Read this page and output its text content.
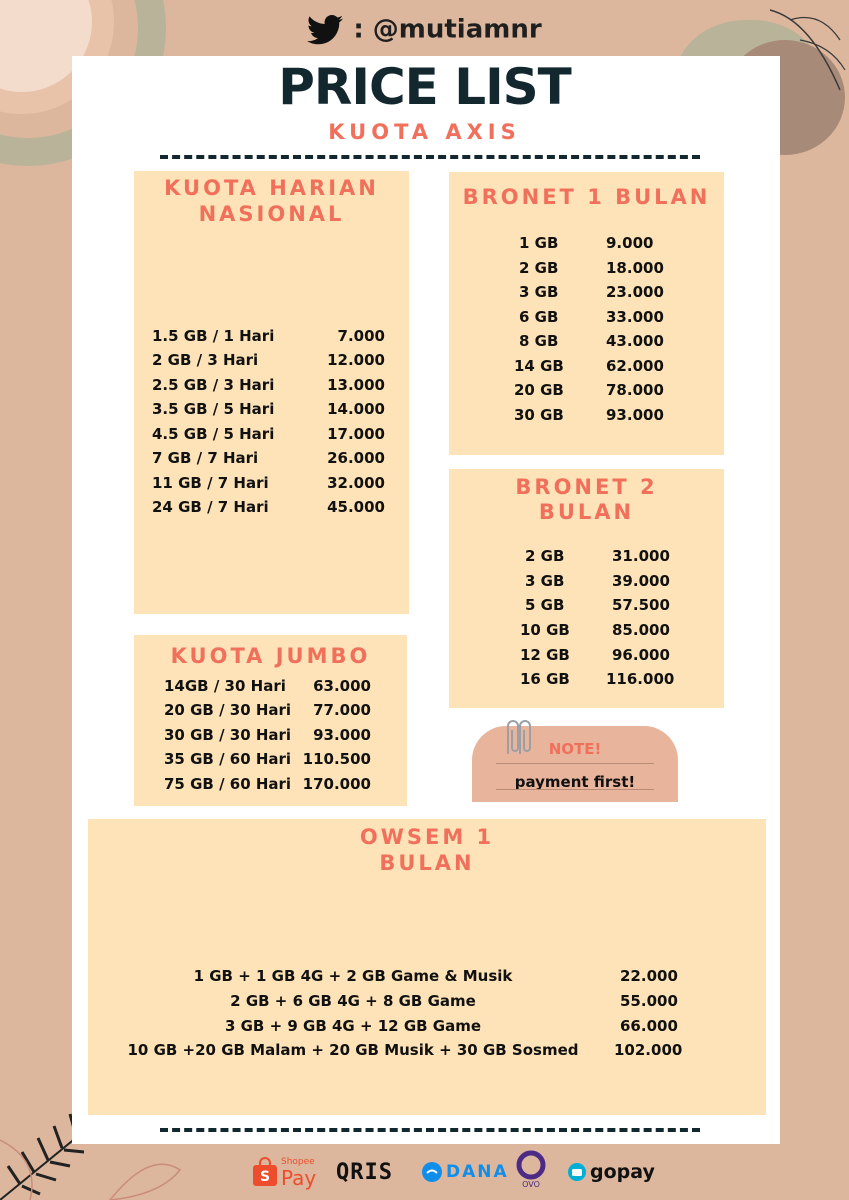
: @mutiamnr
PRICE LIST
KUOTA AXIS
KUOTA HARIAN
NASIONAL
1.5 GB / 1 Hari	7.000
2 GB / 3 Hari	12.000
2.5 GB / 3 Hari	13.000
3.5 GB / 5 Hari	14.000
4.5 GB / 5 Hari	17.000
7 GB / 7 Hari	26.000
11 GB / 7 Hari	32.000
24 GB / 7 Hari	45.000
BRONET 1 BULAN
1 GB	9.000
2 GB	18.000
3 GB	23.000
6 GB	33.000
8 GB	43.000
14 GB	62.000
20 GB	78.000
30 GB	93.000
BRONET 2
BULAN
2 GB	31.000
3 GB	39.000
5 GB	57.500
10 GB	85.000
12 GB	96.000
16 GB 116.000
KUOTA JUMBO
14GB / 30 Hari 63.000
20 GB / 30 Hari 77.000
30 GB / 30 Hari 93.000
35 GB / 60 Hari 110.500
75 GB / 60 Hari 170.000
NOTE!
payment first!
OWSEM 1
BULAN
1 GB + 1 GB 4G + 2 GB Game & Musik	22.000
2 GB + 6 GB 4G + 8 GB Game	55.000
3 GB + 9 GB 4G + 12 GB Game	66.000
10 GB +20 GB Malam + 20 GB Musik + 30 GB Sosmed	102.000
S
Shopee
Pay QRIS	DANA
OVO
gopay
